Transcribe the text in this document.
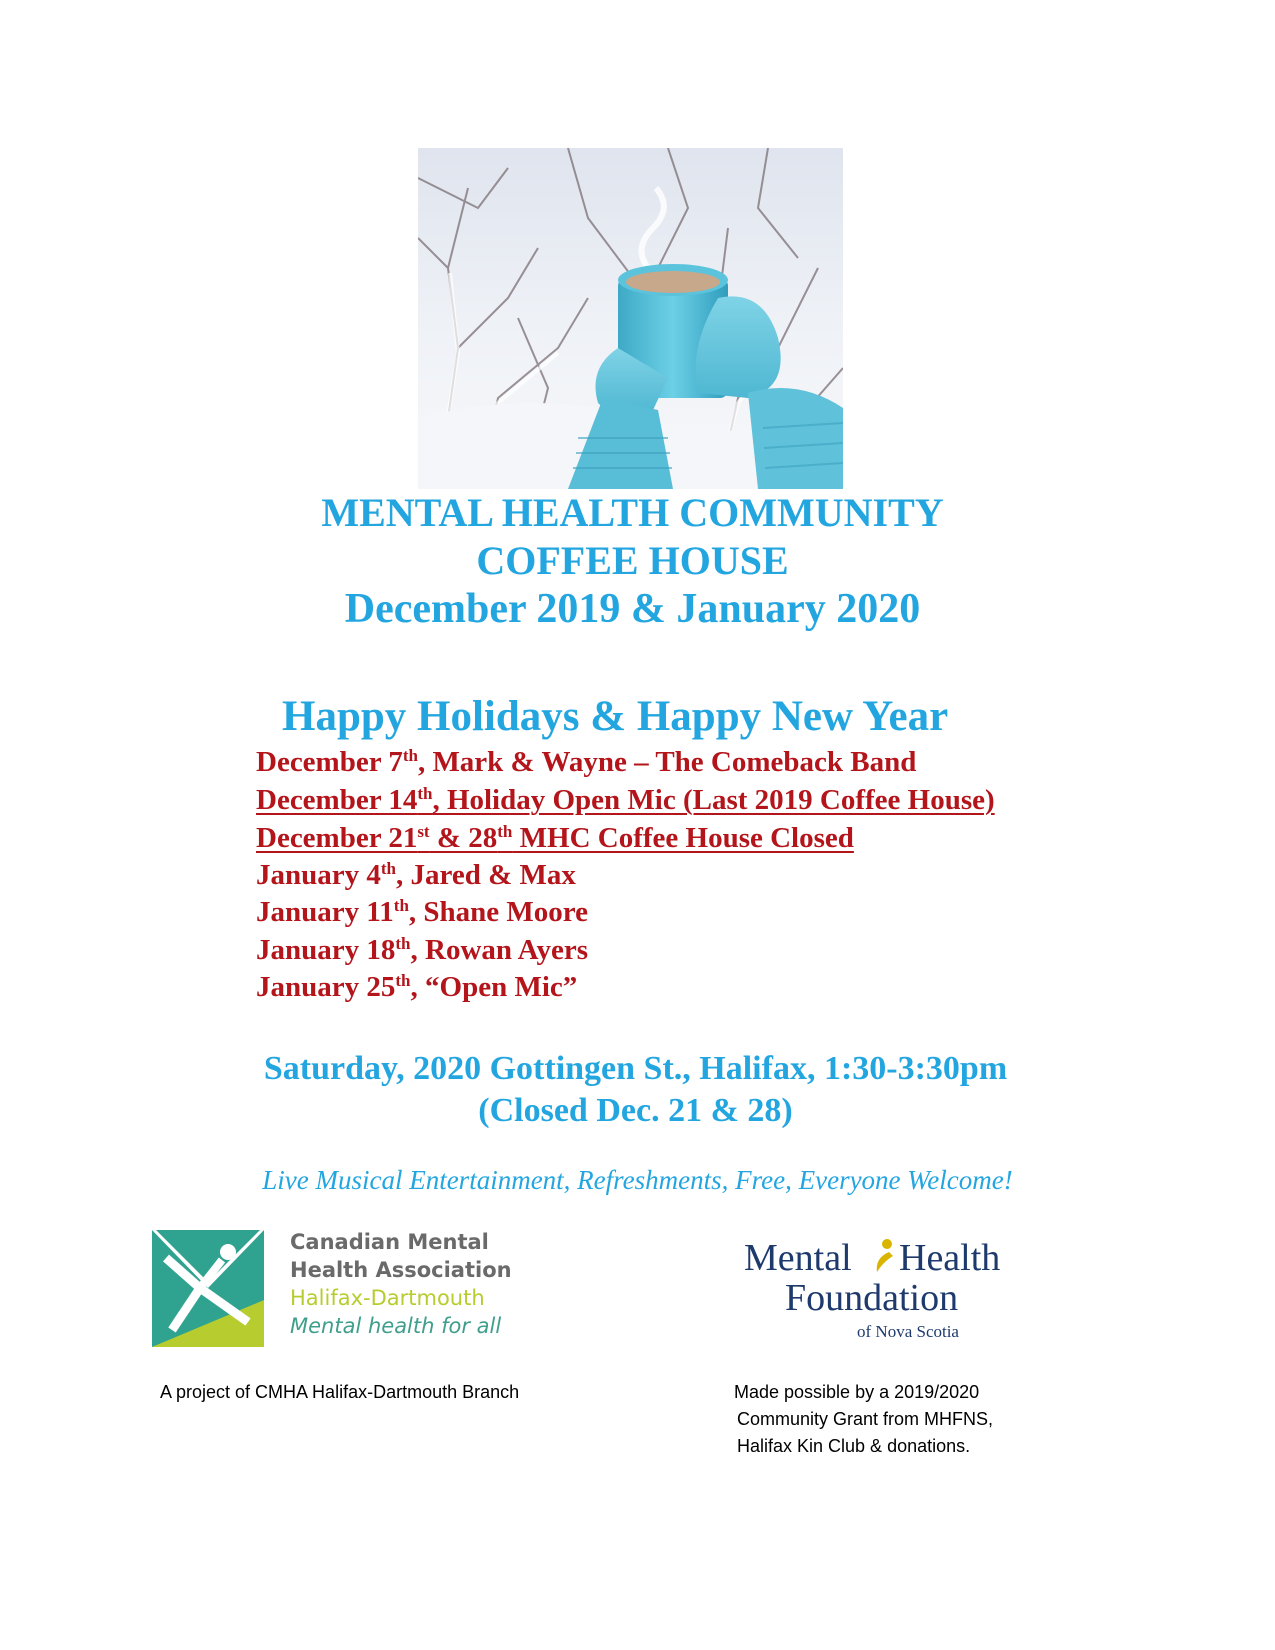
MENTAL HEALTH COMMUNITY
COFFEE HOUSE
December 2019 & January 2020
Happy Holidays & Happy New Year
December 7th, Mark & Wayne – The Comeback Band
December 14th, Holiday Open Mic (Last 2019 Coffee House)
December 21st & 28th MHC Coffee House Closed
January 4th, Jared & Max
January 11th, Shane Moore
January 18th, Rowan Ayers
January 25th, “Open Mic”
Saturday, 2020 Gottingen St., Halifax, 1:30-3:30pm
(Closed Dec. 21 & 28)
Live Musical Entertainment, Refreshments, Free, Everyone Welcome!
Canadian Mental
Health Association
Halifax-Dartmouth
Mental health for all
Mental Health
Foundation
of Nova Scotia
A project of CMHA Halifax-Dartmouth Branch	Made possible by a 2019/2020
Community Grant from MHFNS,
Halifax Kin Club & donations.
